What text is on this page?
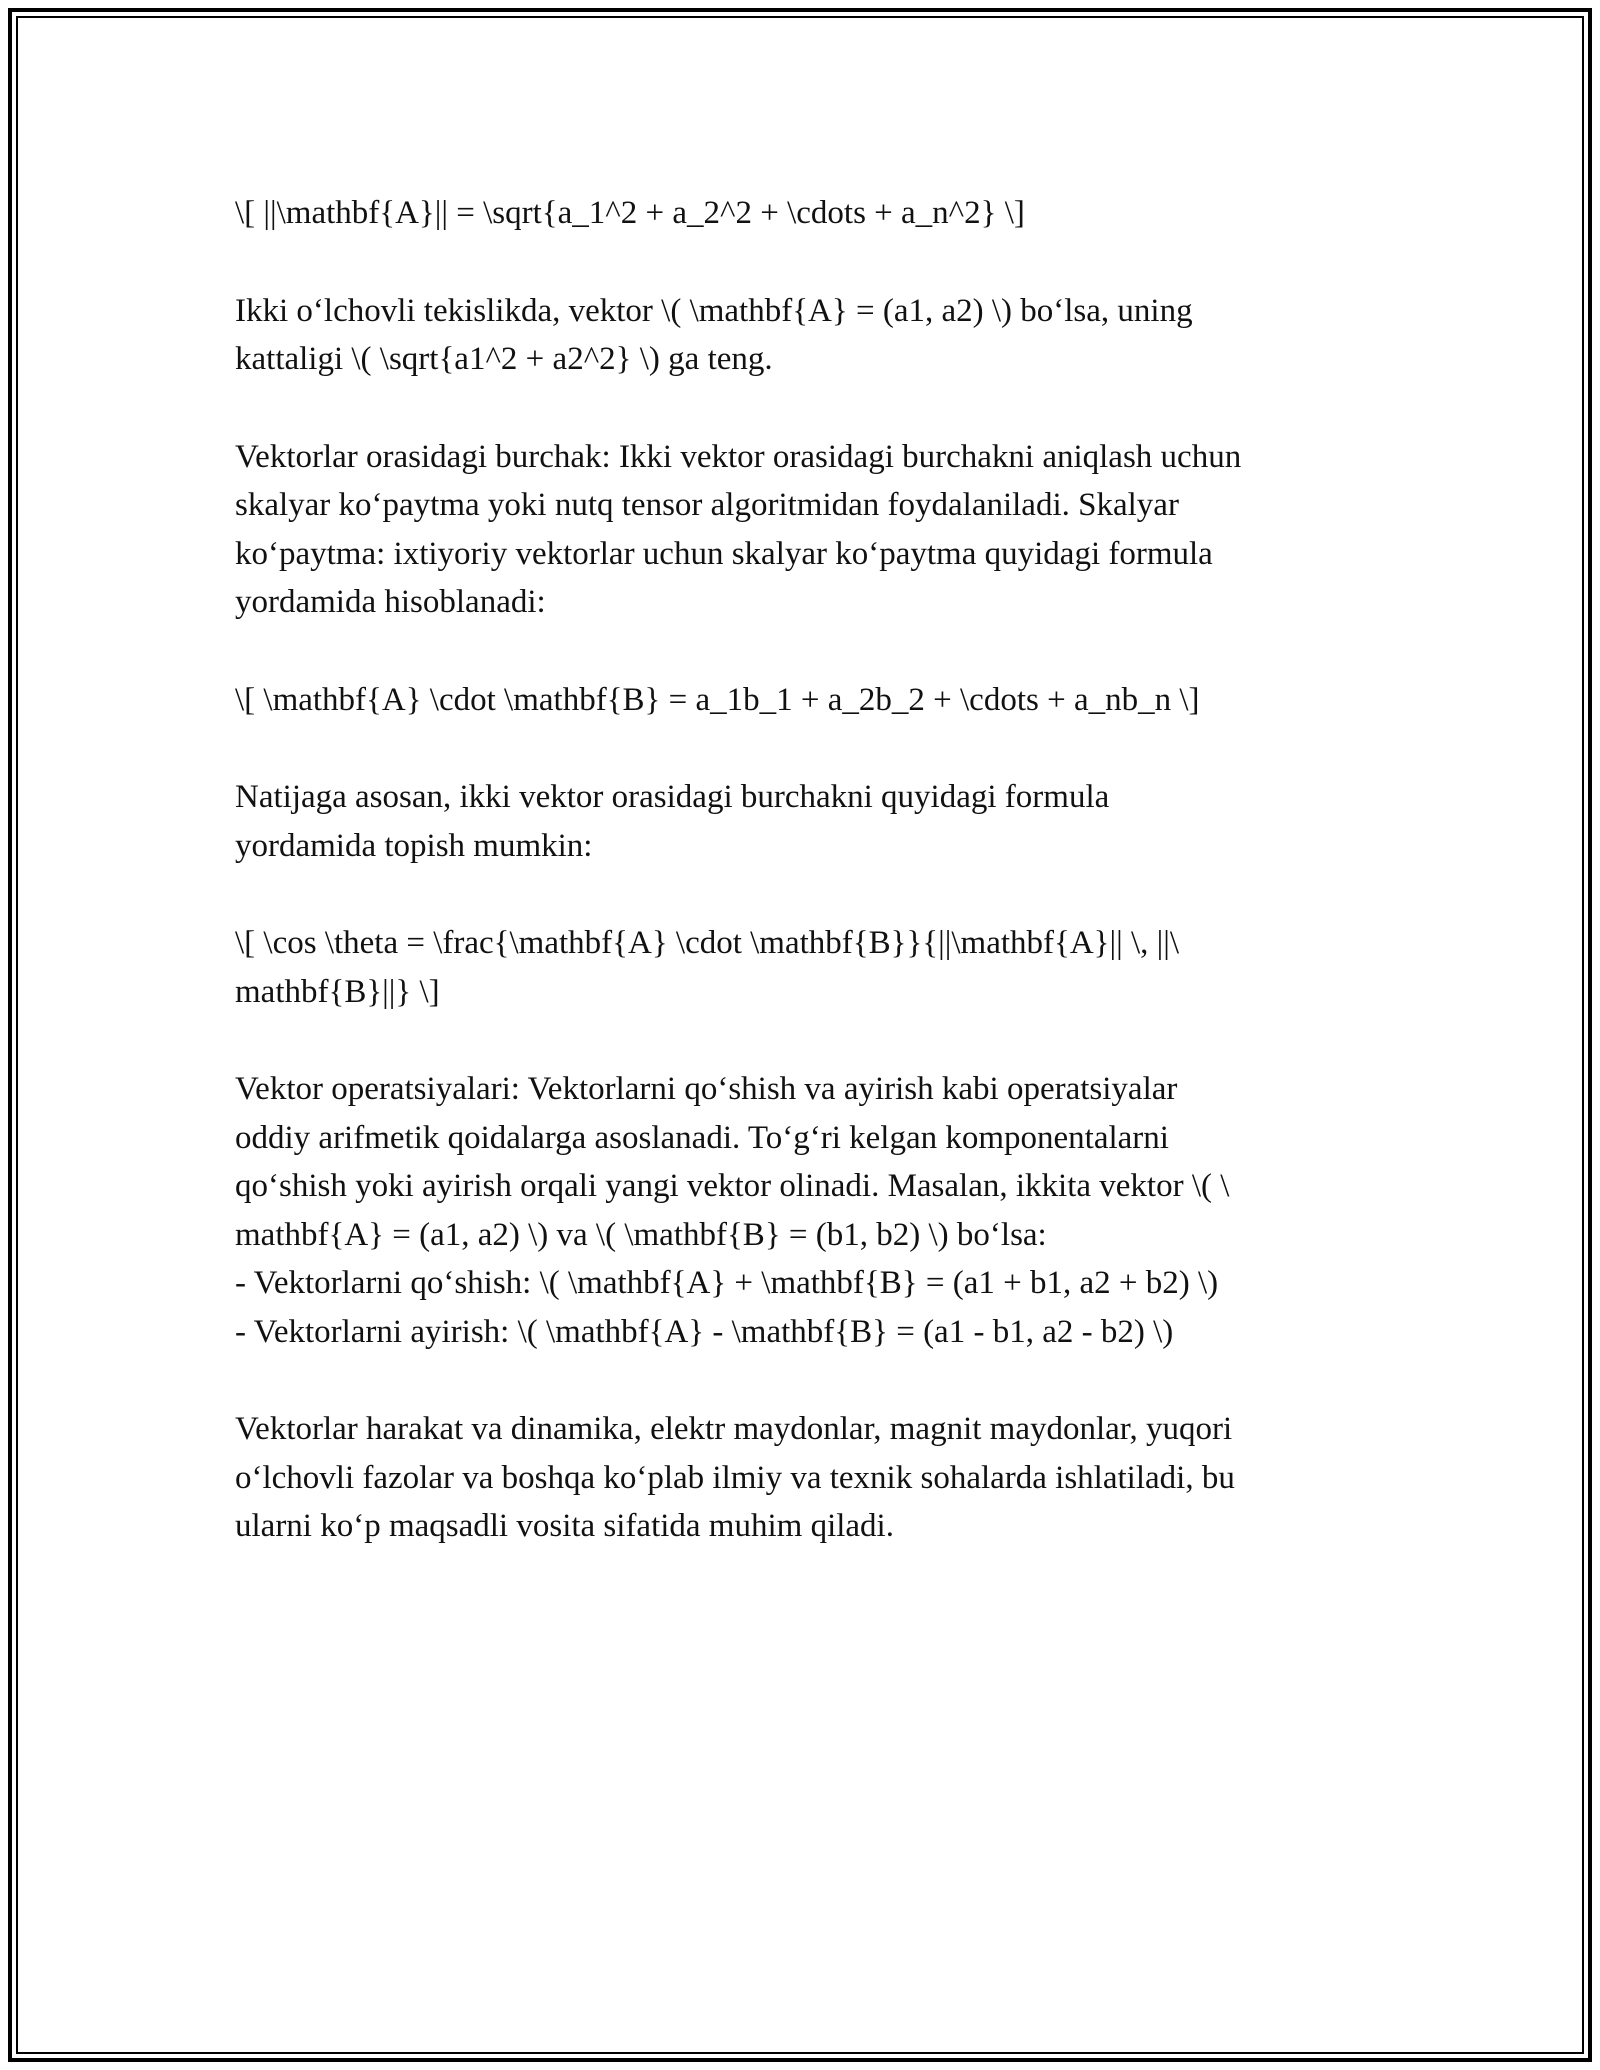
\[ ||\mathbf{A}|| = \sqrt{a_1^2 + a_2^2 + \cdots + a_n^2} \]

Ikki o‘lchovli tekislikda, vektor \( \mathbf{A} = (a1, a2) \) bo‘lsa, uning
kattaligi \( \sqrt{a1^2 + a2^2} \) ga teng.

Vektorlar orasidagi burchak: Ikki vektor orasidagi burchakni aniqlash uchun
skalyar ko‘paytma yoki nutq tensor algoritmidan foydalaniladi. Skalyar
ko‘paytma: ixtiyoriy vektorlar uchun skalyar ko‘paytma quyidagi formula
yordamida hisoblanadi:

\[ \mathbf{A} \cdot \mathbf{B} = a_1b_1 + a_2b_2 + \cdots + a_nb_n \]

Natijaga asosan, ikki vektor orasidagi burchakni quyidagi formula
yordamida topish mumkin:

\[ \cos \theta = \frac{\mathbf{A} \cdot \mathbf{B}}{||\mathbf{A}|| \, ||\
mathbf{B}||} \]

Vektor operatsiyalari: Vektorlarni qo‘shish va ayirish kabi operatsiyalar
oddiy arifmetik qoidalarga asoslanadi. To‘g‘ri kelgan komponentalarni
qo‘shish yoki ayirish orqali yangi vektor olinadi. Masalan, ikkita vektor \( \
mathbf{A} = (a1, a2) \) va \( \mathbf{B} = (b1, b2) \) bo‘lsa:
- Vektorlarni qo‘shish: \( \mathbf{A} + \mathbf{B} = (a1 + b1, a2 + b2) \)
- Vektorlarni ayirish: \( \mathbf{A} - \mathbf{B} = (a1 - b1, a2 - b2) \)

Vektorlar harakat va dinamika, elektr maydonlar, magnit maydonlar, yuqori
o‘lchovli fazolar va boshqa ko‘plab ilmiy va texnik sohalarda ishlatiladi, bu
ularni ko‘p maqsadli vosita sifatida muhim qiladi.
